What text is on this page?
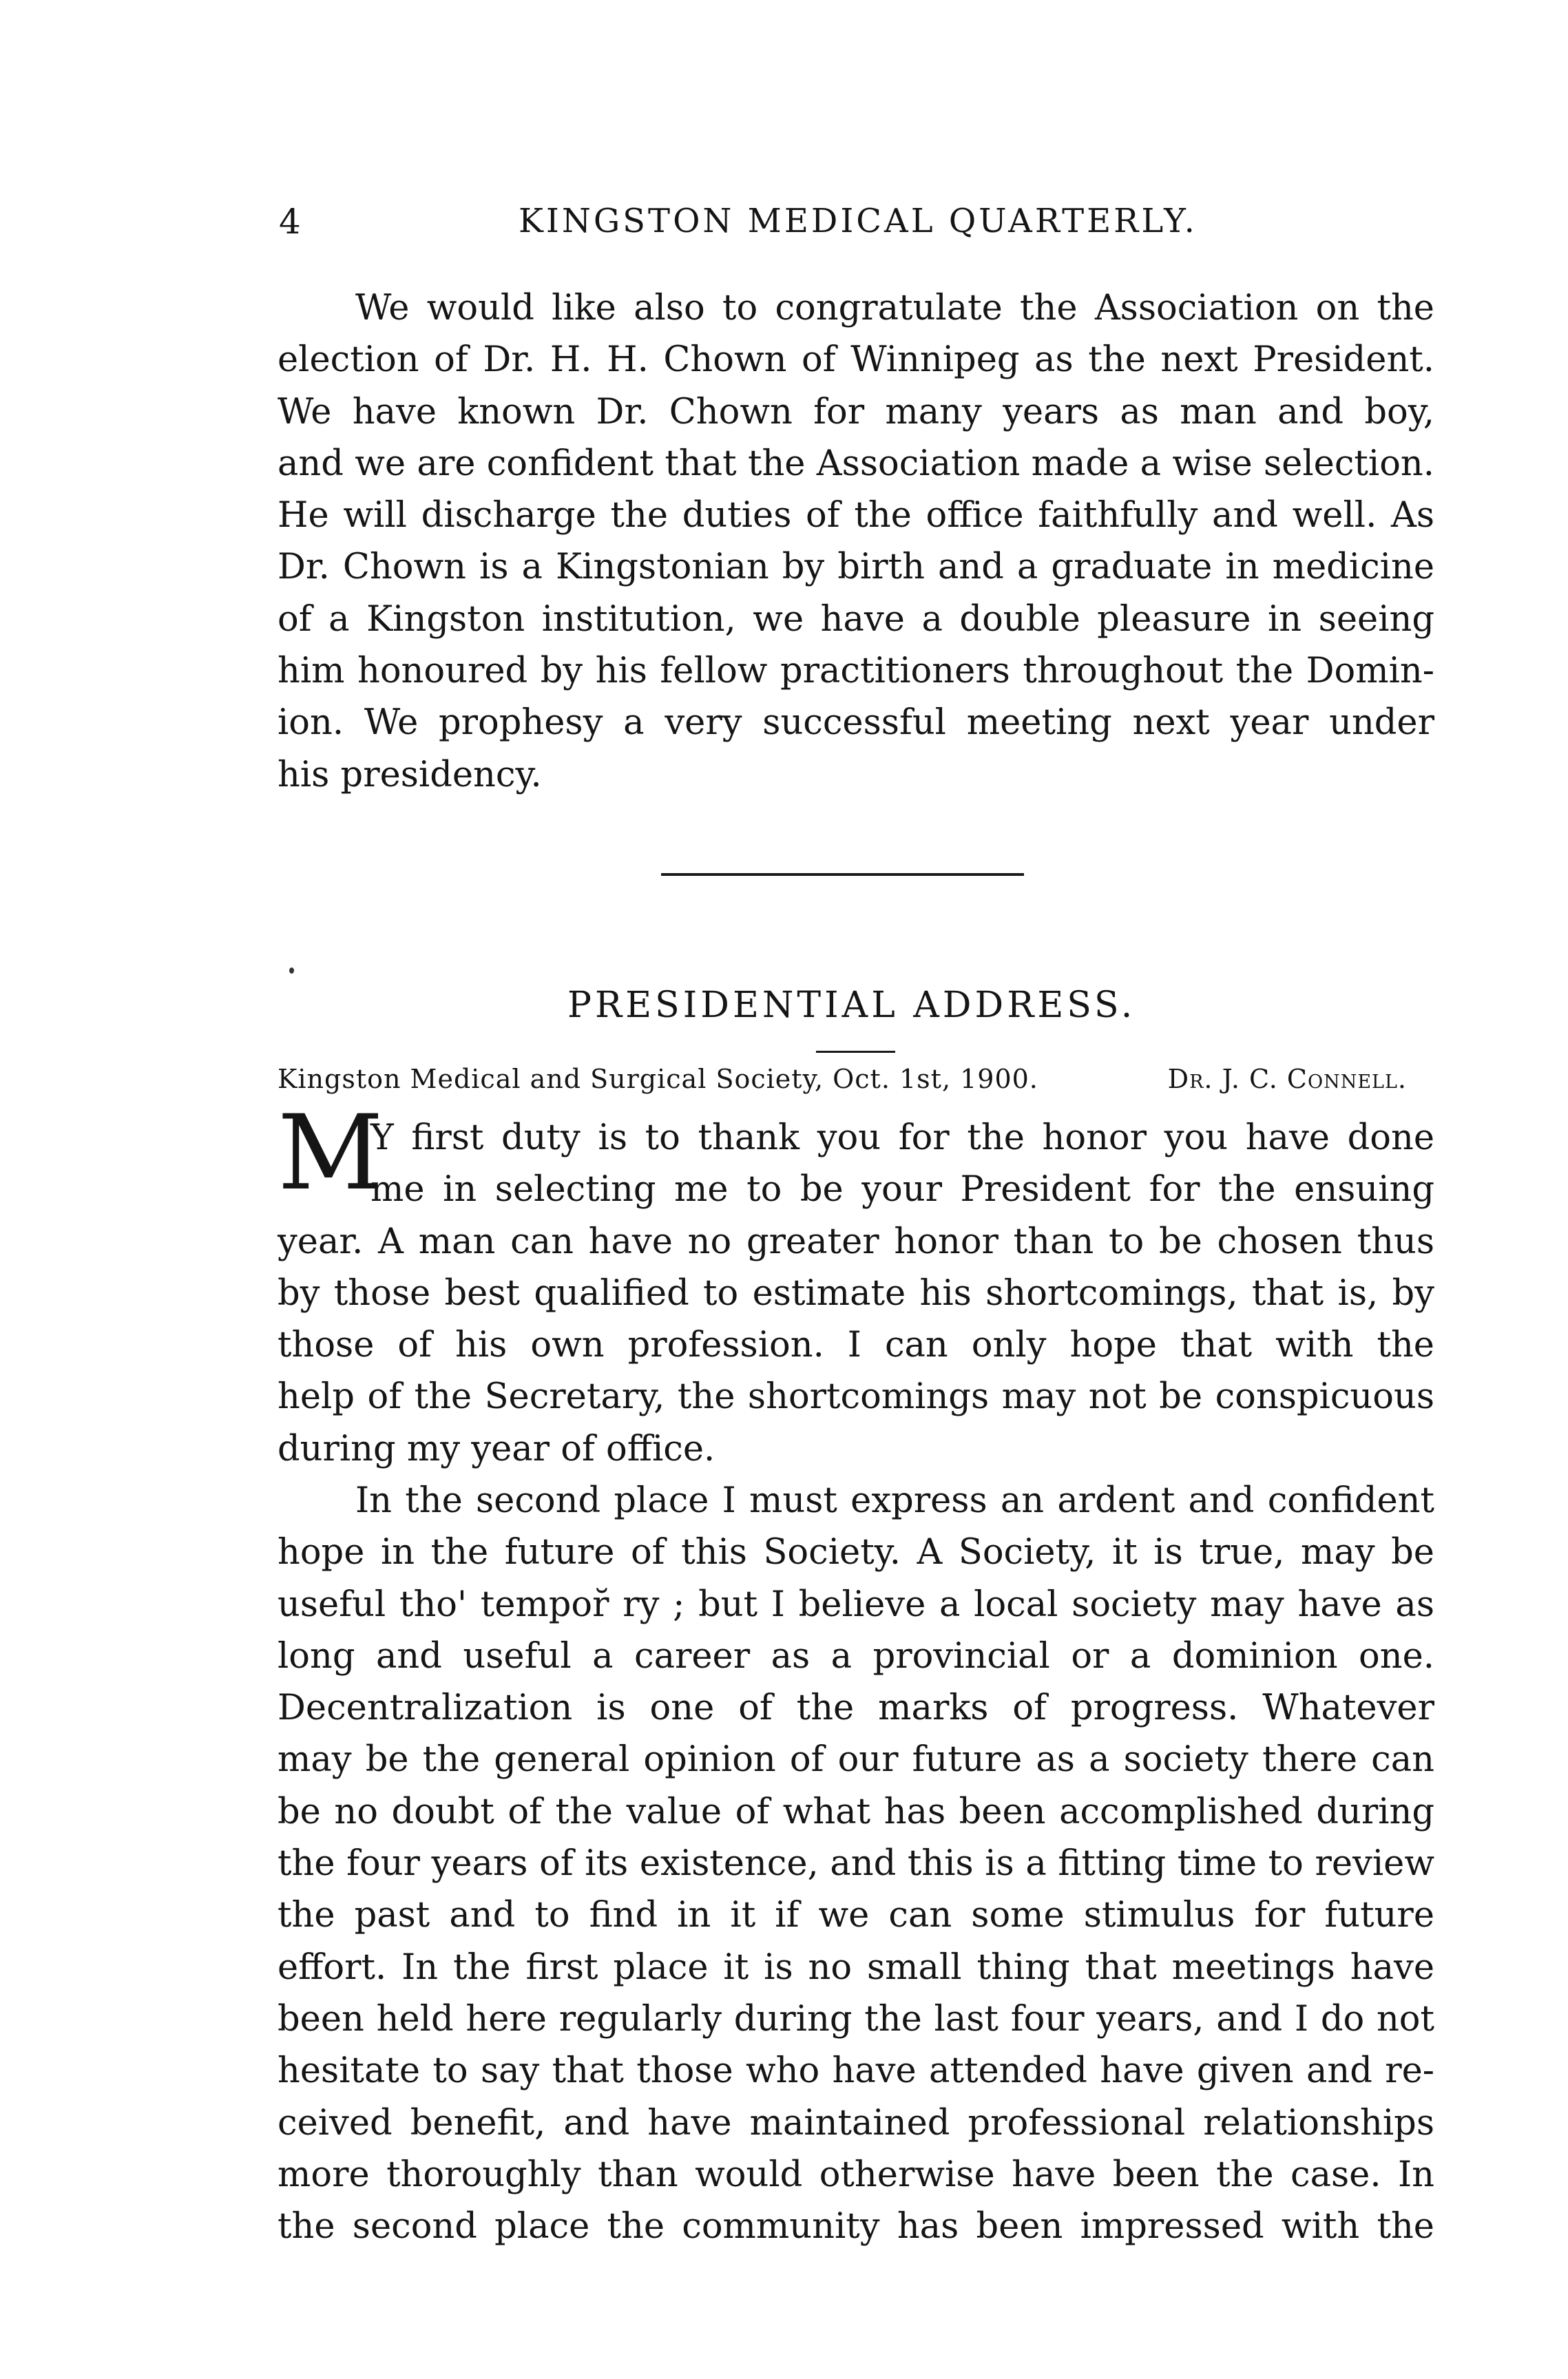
4	KINGSTON MEDICAL QUARTERLY.
We would like also to congratulate the Association on the
election of Dr. H. H. Chown of Winnipeg as the next President.
We have known Dr. Chown for many years as man and boy,
and we are confident that the Association made a wise selection.
He will discharge the duties of the office faithfully and well. As
Dr. Chown is a Kingstonian by birth and a graduate in medicine
of a Kingston institution, we have a double pleasure in seeing
him honoured by his fellow practitioners throughout the Domin-
ion. We prophesy a very successful meeting next year under
his presidency.
PRESIDENTIAL ADDRESS.
Kingston Medical and Surgical Society, Oct. 1st, 1900.	Dr. J. C. Connell.
M
Y first duty is to thank you for the honor you have done
me in selecting me to be your President for the ensuing
year. A man can have no greater honor than to be chosen thus
by those best qualified to estimate his shortcomings, that is, by
those of his own profession. I can only hope that with the
help of the Secretary, the shortcomings may not be conspicuous
during my year of office.
In the second place I must express an ardent and confident
hope in the future of this Society. A Society, it is true, may be
useful tho' tempor̆ ry ; but I believe a local society may have as
long and useful a career as a provincial or a dominion one.
Decentralization is one of the marks of progress. Whatever
may be the general opinion of our future as a society there can
be no doubt of the value of what has been accomplished during
the four years of its existence, and this is a fitting time to review
the past and to find in it if we can some stimulus for future
effort. In the first place it is no small thing that meetings have
been held here regularly during the last four years, and I do not
hesitate to say that those who have attended have given and re-
ceived benefit, and have maintained professional relationships
more thoroughly than would otherwise have been the case. In
the second place the community has been impressed with the
